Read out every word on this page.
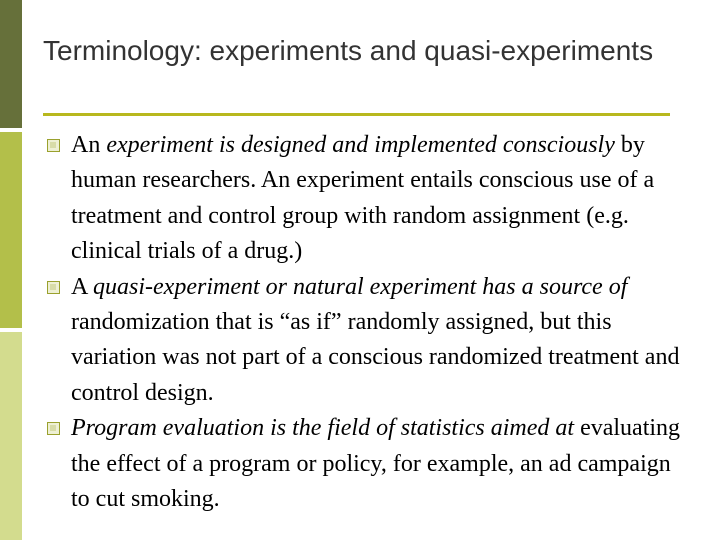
Terminology: experiments and quasi-experiments

An experiment is designed and implemented consciously by human researchers. An experiment entails conscious use of a treatment and control group with random assignment (e.g. clinical trials of a drug.)

A quasi-experiment or natural experiment has a source of randomization that is “as if” randomly assigned, but this variation was not part of a conscious randomized treatment and control design.

Program evaluation is the field of statistics aimed at evaluating the effect of a program or policy, for example, an ad campaign to cut smoking.
